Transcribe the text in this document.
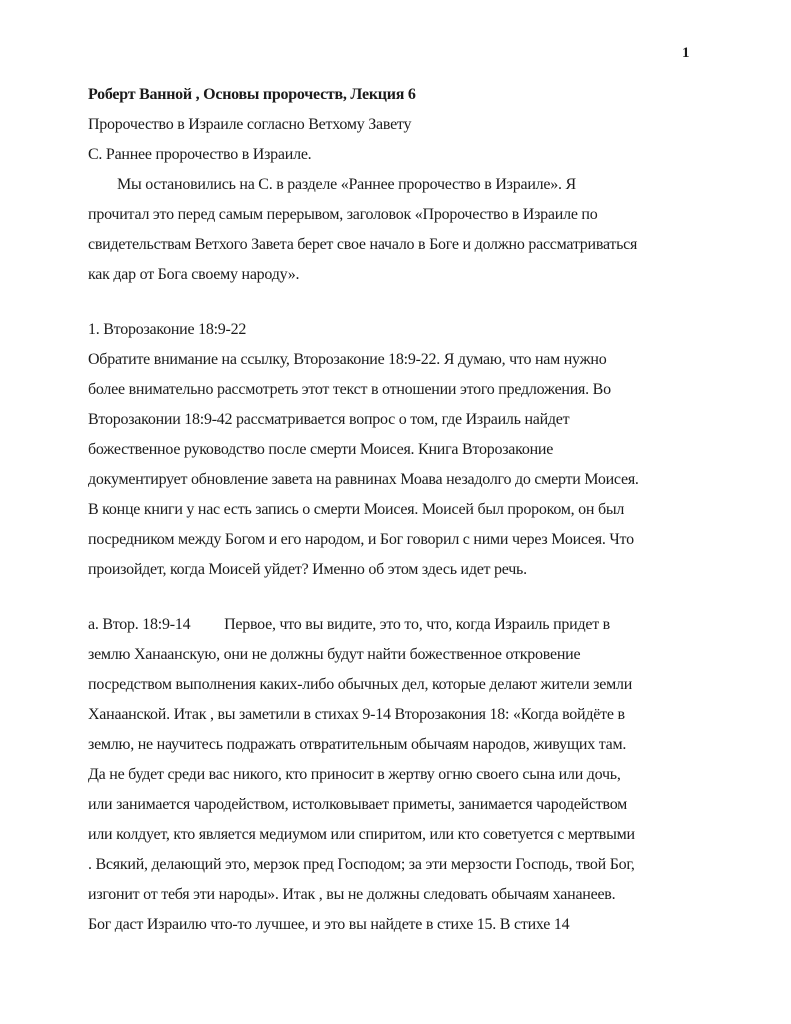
1
Роберт Ванной , Основы пророчеств, Лекция 6
Пророчество в Израиле согласно Ветхому Завету
С. Раннее пророчество в Израиле.
Мы остановились на С. в разделе «Раннее пророчество в Израиле». Я
прочитал это перед самым перерывом, заголовок «Пророчество в Израиле по
свидетельствам Ветхого Завета берет свое начало в Боге и должно рассматриваться
как дар от Бога своему народу».
1. Второзаконие 18:9-22
Обратите внимание на ссылку, Второзаконие 18:9-22. Я думаю, что нам нужно
более внимательно рассмотреть этот текст в отношении этого предложения. Во
Второзаконии 18:9-42 рассматривается вопрос о том, где Израиль найдет
божественное руководство после смерти Моисея. Книга Второзаконие
документирует обновление завета на равнинах Моава незадолго до смерти Моисея.
В конце книги у нас есть запись о смерти Моисея. Моисей был пророком, он был
посредником между Богом и его народом, и Бог говорил с ними через Моисея. Что
произойдет, когда Моисей уйдет? Именно об этом здесь идет речь.
а. Втор. 18:9-14         Первое, что вы видите, это то, что, когда Израиль придет в
землю Ханаанскую, они не должны будут найти божественное откровение
посредством выполнения каких-либо обычных дел, которые делают жители земли
Ханаанской. Итак , вы заметили в стихах 9-14 Второзакония 18: «Когда войдёте в
землю, не научитесь подражать отвратительным обычаям народов, живущих там.
Да не будет среди вас никого, кто приносит в жертву огню своего сына или дочь,
или занимается чародейством, истолковывает приметы, занимается чародейством
или колдует, кто является медиумом или спиритом, или кто советуется с мертвыми
. Всякий, делающий это, мерзок пред Господом; за эти мерзости Господь, твой Бог,
изгонит от тебя эти народы». Итак , вы не должны следовать обычаям хананеев.
Бог даст Израилю что-то лучшее, и это вы найдете в стихе 15. В стихе 14
